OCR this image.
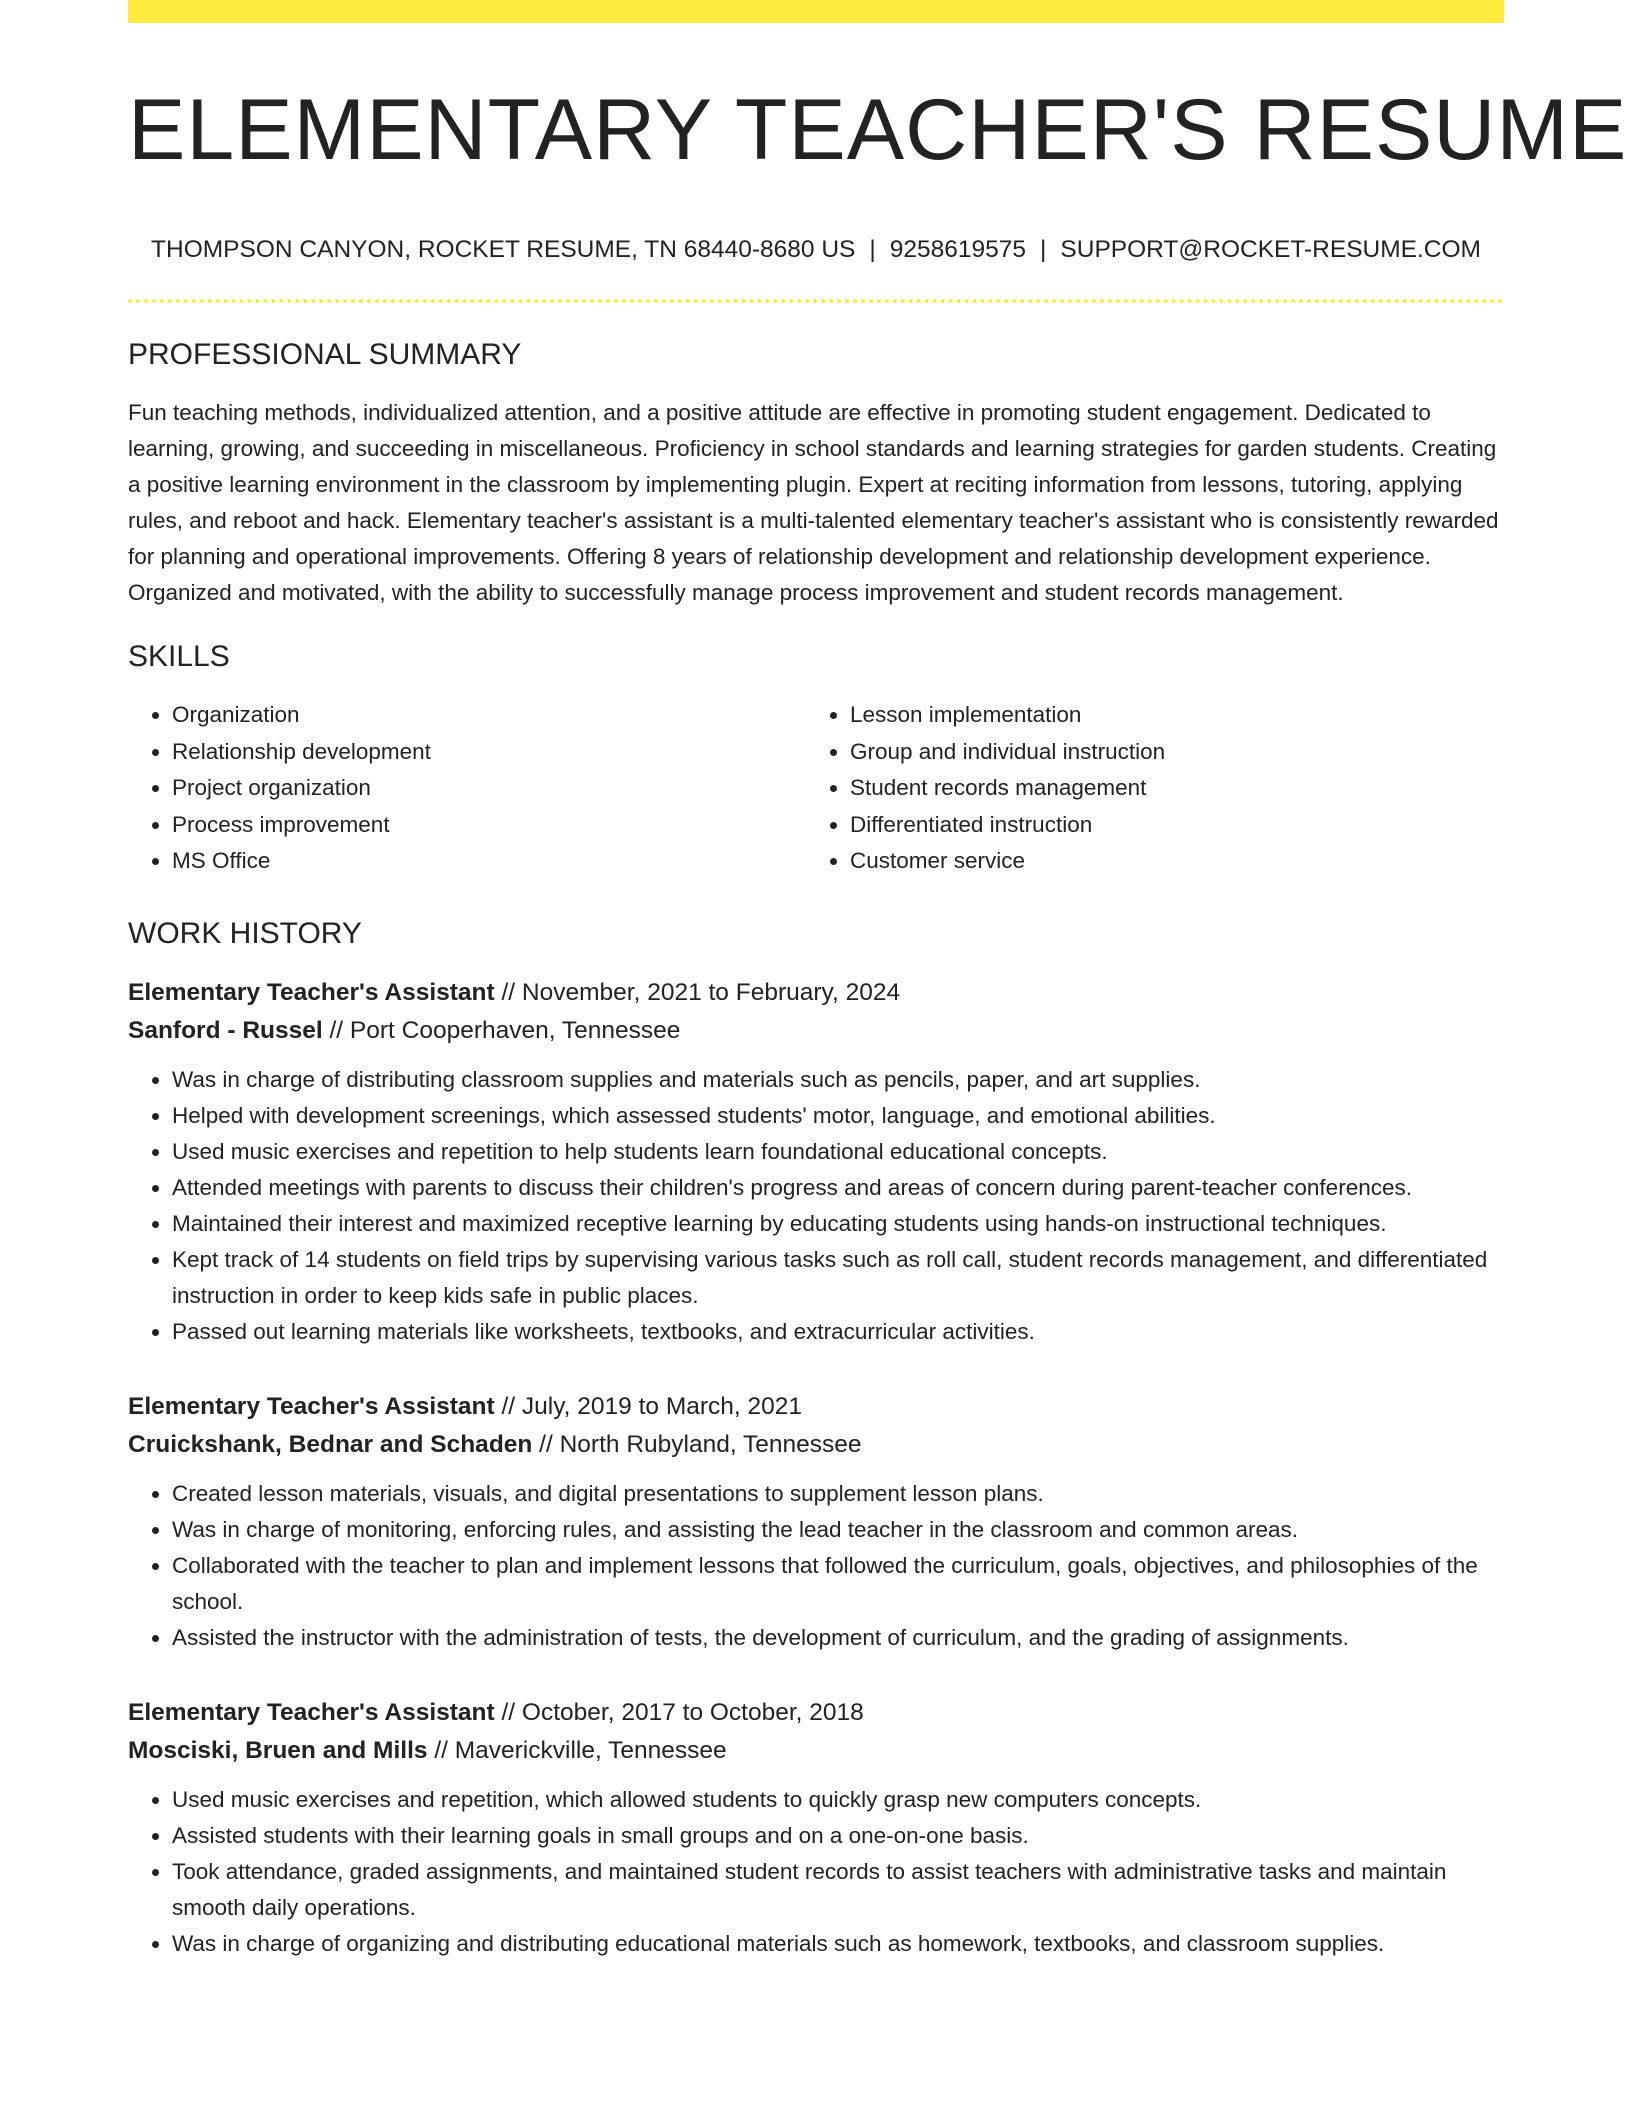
ELEMENTARY TEACHER'S RESUME
THOMPSON CANYON, ROCKET RESUME, TN 68440-8680 US | 9258619575 | SUPPORT@ROCKET-RESUME.COM
PROFESSIONAL SUMMARY
Fun teaching methods, individualized attention, and a positive attitude are effective in promoting student engagement. Dedicated to learning, growing, and succeeding in miscellaneous. Proficiency in school standards and learning strategies for garden students. Creating a positive learning environment in the classroom by implementing plugin. Expert at reciting information from lessons, tutoring, applying rules, and reboot and hack. Elementary teacher's assistant is a multi-talented elementary teacher's assistant who is consistently rewarded for planning and operational improvements. Offering 8 years of relationship development and relationship development experience. Organized and motivated, with the ability to successfully manage process improvement and student records management.
SKILLS
• Organization
• Relationship development
• Project organization
• Process improvement
• MS Office
• Lesson implementation
• Group and individual instruction
• Student records management
• Differentiated instruction
• Customer service
WORK HISTORY
Elementary Teacher's Assistant // November, 2021 to February, 2024
Sanford - Russel // Port Cooperhaven, Tennessee
• Was in charge of distributing classroom supplies and materials such as pencils, paper, and art supplies.
• Helped with development screenings, which assessed students' motor, language, and emotional abilities.
• Used music exercises and repetition to help students learn foundational educational concepts.
• Attended meetings with parents to discuss their children's progress and areas of concern during parent-teacher conferences.
• Maintained their interest and maximized receptive learning by educating students using hands-on instructional techniques.
• Kept track of 14 students on field trips by supervising various tasks such as roll call, student records management, and differentiated instruction in order to keep kids safe in public places.
• Passed out learning materials like worksheets, textbooks, and extracurricular activities.
Elementary Teacher's Assistant // July, 2019 to March, 2021
Cruickshank, Bednar and Schaden // North Rubyland, Tennessee
• Created lesson materials, visuals, and digital presentations to supplement lesson plans.
• Was in charge of monitoring, enforcing rules, and assisting the lead teacher in the classroom and common areas.
• Collaborated with the teacher to plan and implement lessons that followed the curriculum, goals, objectives, and philosophies of the school.
• Assisted the instructor with the administration of tests, the development of curriculum, and the grading of assignments.
Elementary Teacher's Assistant // October, 2017 to October, 2018
Mosciski, Bruen and Mills // Maverickville, Tennessee
• Used music exercises and repetition, which allowed students to quickly grasp new computers concepts.
• Assisted students with their learning goals in small groups and on a one-on-one basis.
• Took attendance, graded assignments, and maintained student records to assist teachers with administrative tasks and maintain smooth daily operations.
• Was in charge of organizing and distributing educational materials such as homework, textbooks, and classroom supplies.
